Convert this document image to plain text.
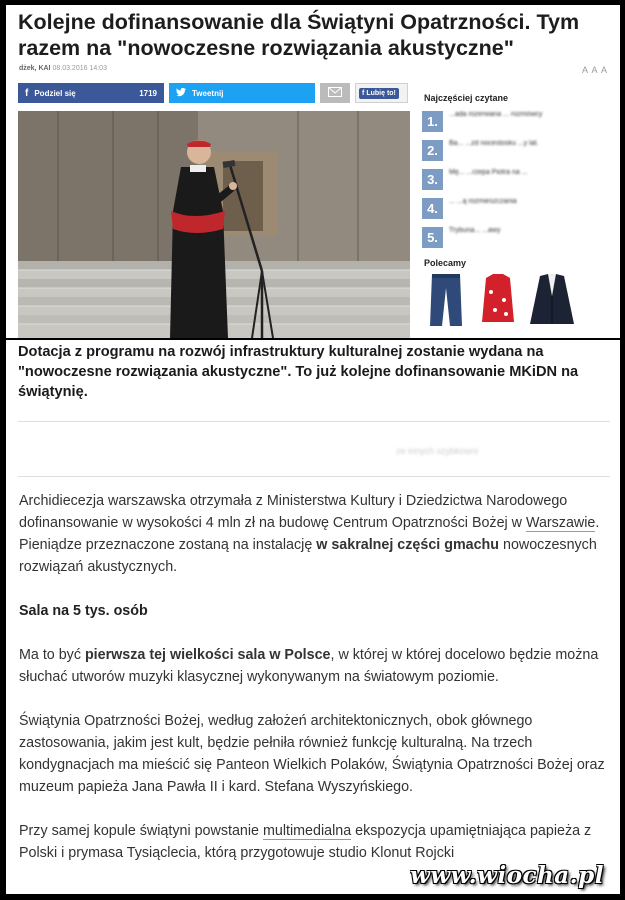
Kolejne dofinansowanie dla Świątyni Opatrzności. Tym razem na "nowoczesne rozwiązania akustyczne"
dżek, KAI 08.03.2016 14:03	A A A
f Podziel się	1719	Tweetnij	f Lubię to!	Najczęściej czytane
1.	...ada rozerwana ... rozmówcy
2.	Ba... ...zd nocestosku ...y lat.
3.	Mę... ...rzepa Piotra na ...
4.	... ...ą rozmieszczania
5.	Trybuna... ...awy
Polecamy

Dotacja z programu na rozwój infrastruktury kulturalnej zostanie wydana na "nowoczesne rozwiązania akustyczne". To już kolejne dofinansowanie MKiDN na świątynię.

ze innych szybkowni

Archidiecezja warszawska otrzymała z Ministerstwa Kultury i Dziedzictwa Narodowego dofinansowanie w wysokości 4 mln zł na budowę Centrum Opatrzności Bożej w Warszawie. Pieniądze przeznaczone zostaną na instalację w sakralnej części gmachu nowoczesnych rozwiązań akustycznych.

Sala na 5 tys. osób

Ma to być pierwsza tej wielkości sala w Polsce, w której w której docelowo będzie można słuchać utworów muzyki klasycznej wykonywanym na światowym poziomie.

Świątynia Opatrzności Bożej, według założeń architektonicznych, obok głównego zastosowania, jakim jest kult, będzie pełniła również funkcję kulturalną. Na trzech kondygnacjach ma mieścić się Panteon Wielkich Polaków, Świątynia Opatrzności Bożej oraz muzeum papieża Jana Pawła II i kard. Stefana Wyszyńskiego.

Przy samej kopule świątyni powstanie multimedialna ekspozycja upamiętniająca papieża z Polski i prymasa Tysiąclecia, którą przygotowuje studio Klonut Rojcki

www.wiocha.pl
